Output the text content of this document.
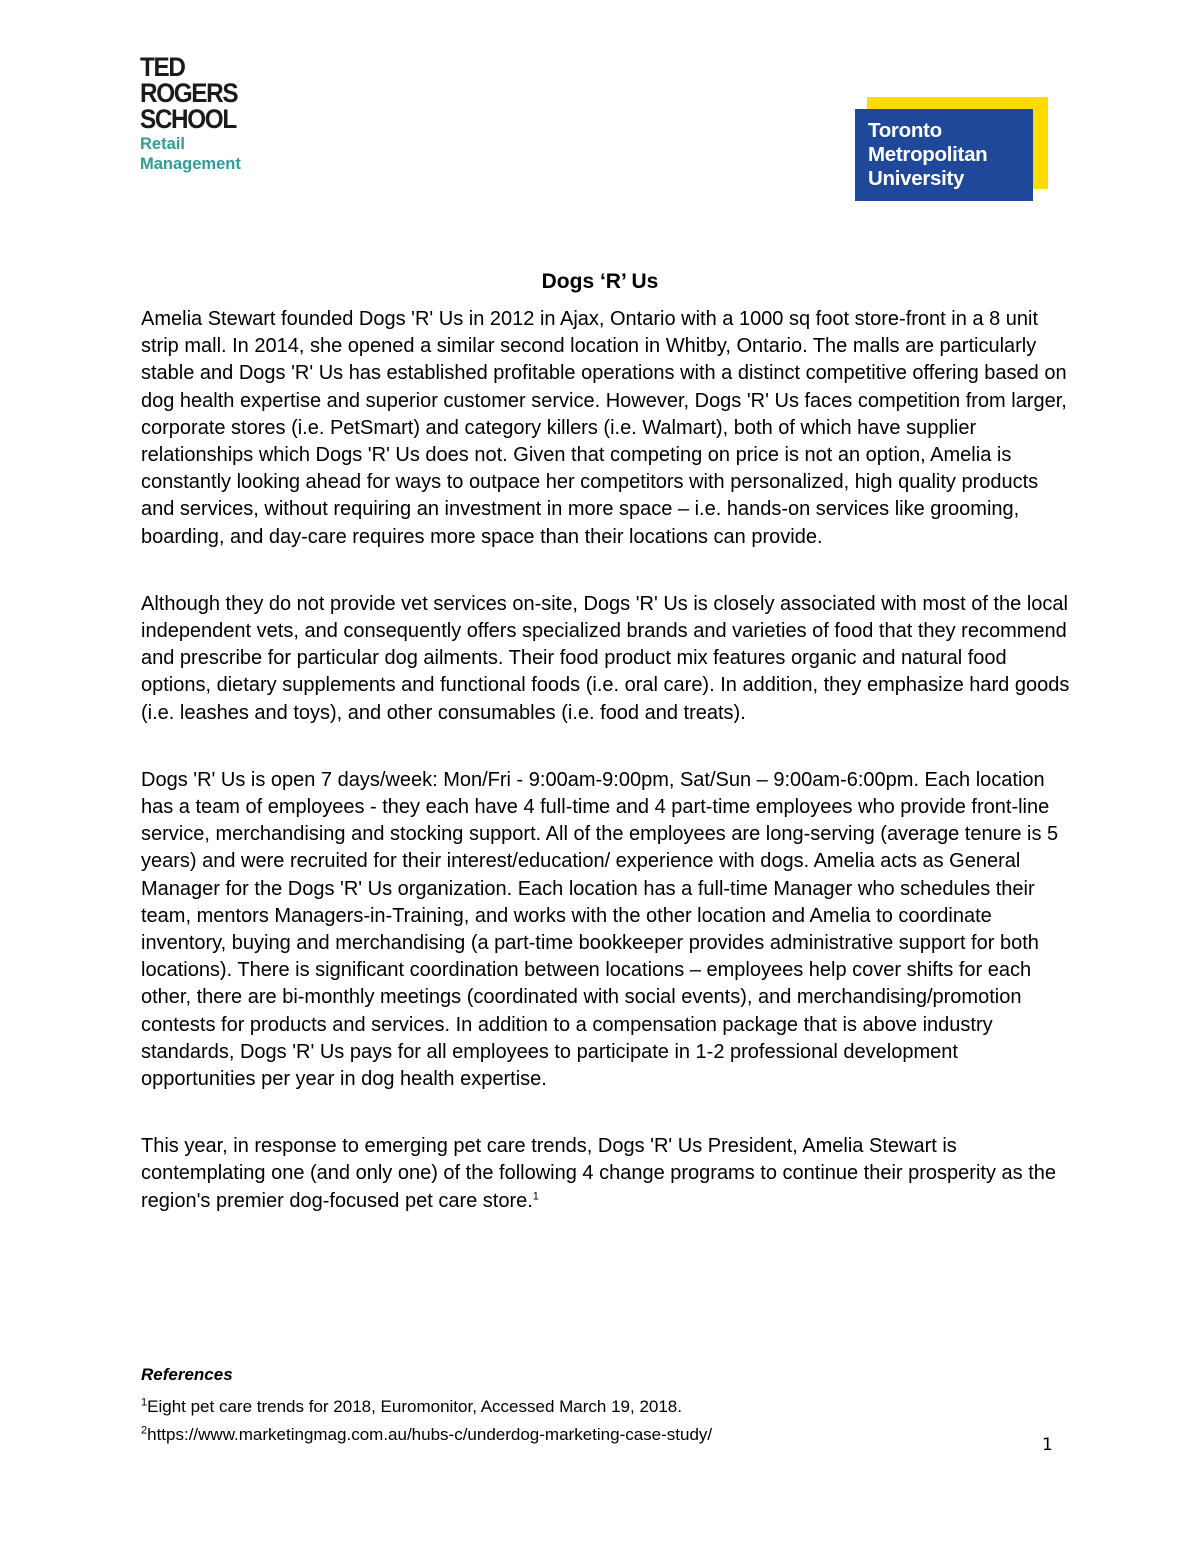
TED
ROGERS
SCHOOL
Retail
Management
Toronto
Metropolitan
University
Dogs ‘R’ Us

Amelia Stewart founded Dogs 'R' Us in 2012 in Ajax, Ontario with a 1000 sq foot store-front in a 8 unit strip mall. In 2014, she opened a similar second location in Whitby, Ontario. The malls are particularly stable and Dogs 'R' Us has established profitable operations with a distinct competitive offering based on dog health expertise and superior customer service. However, Dogs 'R' Us faces competition from larger, corporate stores (i.e. PetSmart) and category killers (i.e. Walmart), both of which have supplier relationships which Dogs 'R' Us does not. Given that competing on price is not an option, Amelia is constantly looking ahead for ways to outpace her competitors with personalized, high quality products and services, without requiring an investment in more space – i.e. hands-on services like grooming, boarding, and day-care requires more space than their locations can provide.

Although they do not provide vet services on-site, Dogs 'R' Us is closely associated with most of the local independent vets, and consequently offers specialized brands and varieties of food that they recommend and prescribe for particular dog ailments. Their food product mix features organic and natural food options, dietary supplements and functional foods (i.e. oral care). In addition, they emphasize hard goods (i.e. leashes and toys), and other consumables (i.e. food and treats).

Dogs 'R' Us is open 7 days/week: Mon/Fri - 9:00am-9:00pm, Sat/Sun – 9:00am-6:00pm. Each location has a team of employees - they each have 4 full-time and 4 part-time employees who provide front-line service, merchandising and stocking support. All of the employees are long-serving (average tenure is 5 years) and were recruited for their interest/education/ experience with dogs. Amelia acts as General Manager for the Dogs 'R' Us organization. Each location has a full-time Manager who schedules their team, mentors Managers-in-Training, and works with the other location and Amelia to coordinate inventory, buying and merchandising (a part-time bookkeeper provides administrative support for both locations). There is significant coordination between locations – employees help cover shifts for each other, there are bi-monthly meetings (coordinated with social events), and merchandising/promotion contests for products and services. In addition to a compensation package that is above industry standards, Dogs 'R' Us pays for all employees to participate in 1-2 professional development opportunities per year in dog health expertise.

This year, in response to emerging pet care trends, Dogs 'R' Us President, Amelia Stewart is contemplating one (and only one) of the following 4 change programs to continue their prosperity as the region's premier dog-focused pet care store.$^1$

References

$^1$Eight pet care trends for 2018, Euromonitor, Accessed March 19, 2018.

$^2$https://www.marketingmag.com.au/hubs-c/underdog-marketing-case-study/

1
